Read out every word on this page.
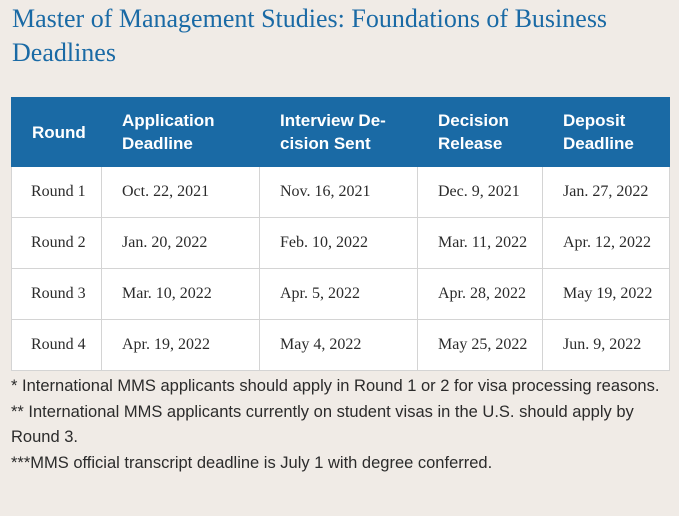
Master of Management Studies: Foundations of Business Deadlines
Round	Application Deadline	Interview Decision Sent	Decision Release	Deposit Deadline
Round 1	Oct. 22, 2021	Nov. 16, 2021	Dec. 9, 2021	Jan. 27, 2022
Round 2	Jan. 20, 2022	Feb. 10, 2022	Mar. 11, 2022	Apr. 12, 2022
Round 3	Mar. 10, 2022	Apr. 5, 2022	Apr. 28, 2022	May 19, 2022
Round 4	Apr. 19, 2022	May 4, 2022	May 25, 2022	Jun. 9, 2022

* International MMS applicants should apply in Round 1 or 2 for visa processing reasons.

** International MMS applicants currently on student visas in the U.S. should apply by Round 3.

***MMS official transcript deadline is July 1 with degree conferred.
